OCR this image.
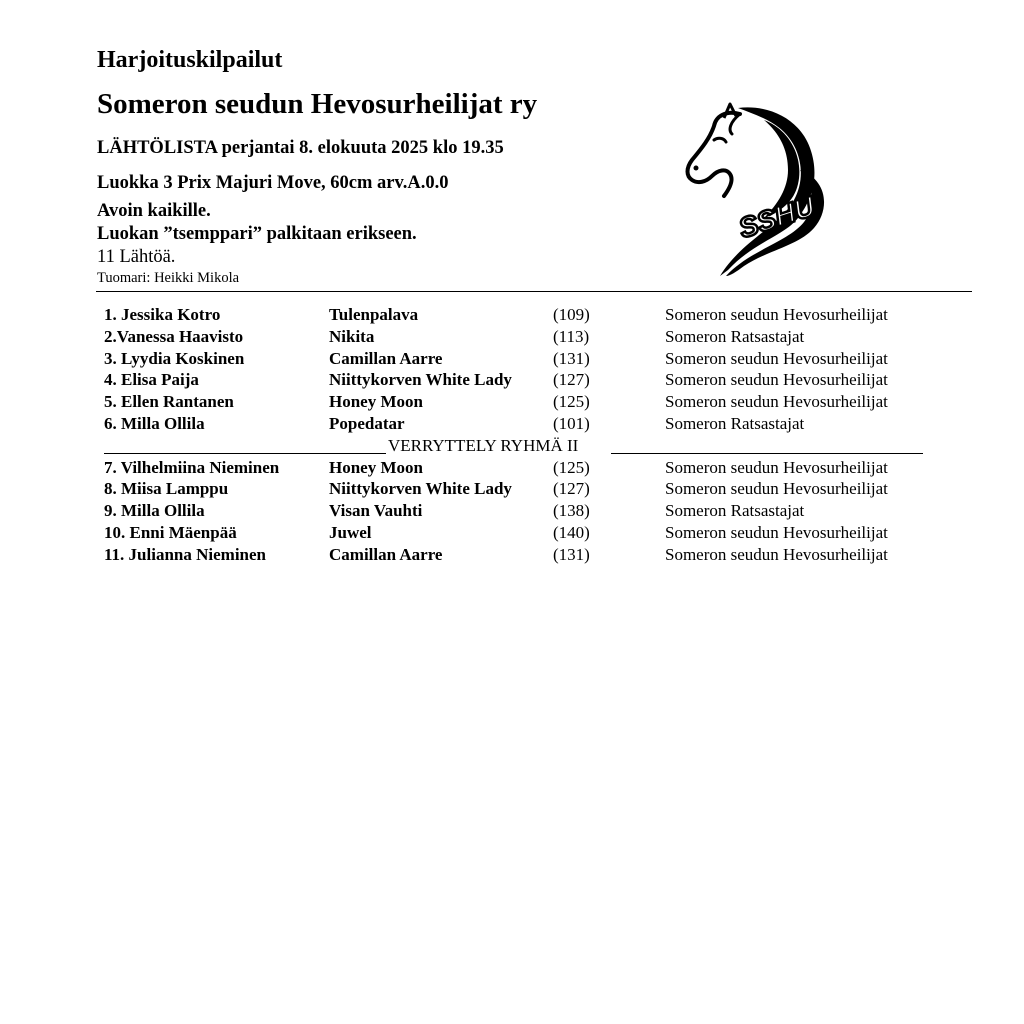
Harjoituskilpailut

Someron seudun Hevosurheilijat ry

LÄHTÖLISTA perjantai 8. elokuuta 2025 klo 19.35

Luokka 3 Prix Majuri Move, 60cm arv.A.0.0

Avoin kaikille.

Luokan ”tsemppari” palkitaan erikseen.

11 Lähtöä.

Tuomari: Heikki Mikola

SSHU
1. Jessika Kotro	Tulenpalava	(109)	Someron seudun Hevosurheilijat
2.Vanessa Haavisto	Nikita	(113)	Someron Ratsastajat
3. Lyydia Koskinen	Camillan Aarre	(131)	Someron seudun Hevosurheilijat
4. Elisa Paija	Niittykorven White Lady (127)	Someron seudun Hevosurheilijat
5. Ellen Rantanen	Honey Moon	(125)	Someron seudun Hevosurheilijat
6. Milla Ollila	Popedatar	(101)	Someron Ratsastajat
VERRYTTELY RYHMÄ II
7. Vilhelmiina Nieminen	Honey Moon	(125)	Someron seudun Hevosurheilijat
8. Miisa Lamppu	Niittykorven White Lady (127)	Someron seudun Hevosurheilijat
9. Milla Ollila	Visan Vauhti	(138)	Someron Ratsastajat
10. Enni Mäenpää	Juwel	(140)	Someron seudun Hevosurheilijat
11. Julianna Nieminen	Camillan Aarre	(131)	Someron seudun Hevosurheilijat
